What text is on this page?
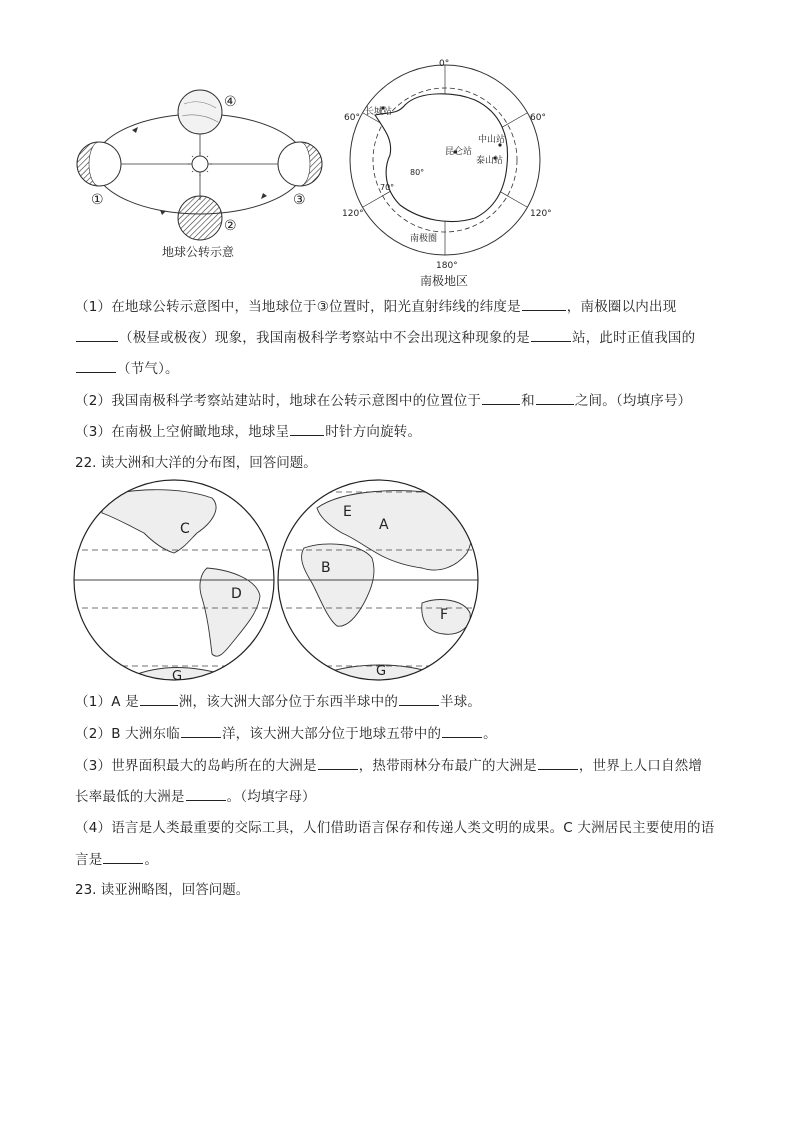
①
②
③
④
地球公转示意
0°
60°	60°
120°	120°
180°
70°
80°
长城站
昆仑站
中山站
泰山站
南极圈
南极地区
（1）在地球公转示意图中，当地球位于③位置时，阳光直射纬线的纬度是	，南极圈以内出现
（极昼或极夜）现象，我国南极科学考察站中不会出现这种现象的是	站，此时正值我国的
（节气）。
（2）我国南极科学考察站建站时，地球在公转示意图中的位置位于	和	之间。（均填序号）
（3）在南极上空俯瞰地球，地球呈	时针方向旋转。
22. 读大洲和大洋的分布图，回答问题。
C
D
G
E
A
B
F
G
（1）A 是	洲，该大洲大部分位于东西半球中的	半球。
（2）B 大洲东临	洋，该大洲大部分位于地球五带中的	。
（3）世界面积最大的岛屿所在的大洲是	，热带雨林分布最广的大洲是	，世界上人口自然增
长率最低的大洲是	。（均填字母）
（4）语言是人类最重要的交际工具，人们借助语言保存和传递人类文明的成果。C 大洲居民主要使用的语
言是	。
23. 读亚洲略图，回答问题。
